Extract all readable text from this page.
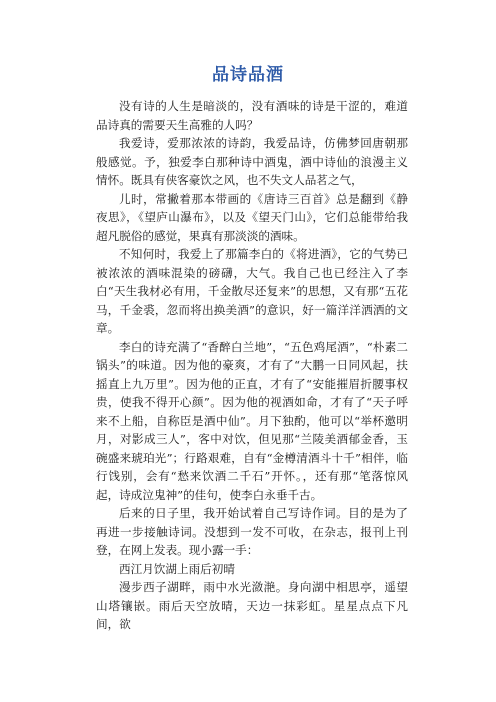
品诗品酒

没有诗的人生是暗淡的，没有酒味的诗是干涩的，难道品诗真的需要天生高雅的人吗？

我爱诗，爱那浓浓的诗韵，我爱品诗，仿佛梦回唐朝那般感觉。予，独爱李白那种诗中酒鬼，酒中诗仙的浪漫主义情怀。既具有侠客豪饮之风，也不失文人品茗之气，

儿时，常撇着那本带画的《唐诗三百首》总是翻到《静夜思》，《望庐山瀑布》，以及《望天门山》，它们总能带给我超凡脱俗的感觉，果真有那淡淡的酒味。

不知何时，我爱上了那篇李白的《将进酒》，它的气势已被浓浓的酒味混染的磅礴，大气。我自己也已经注入了李白“天生我材必有用，千金散尽还复来”的思想，又有那“五花马，千金裘，忽而将出换美酒”的意识，好一篇洋洋洒洒的文章。

李白的诗充满了“香醉白兰地”，“五色鸡尾酒”，“朴素二锅头”的味道。因为他的豪爽，才有了“大鹏一日同风起，扶摇直上九万里”。因为他的正直，才有了“安能摧眉折腰事权贵，使我不得开心颜”。因为他的视酒如命，才有了“天子呼来不上船，自称臣是酒中仙”。月下独酌，他可以“举杯邀明月，对影成三人”，客中对饮，但见那“兰陵美酒郁金香，玉碗盛来琥珀光”；行路艰难，自有“金樽清酒斗十千”相伴，临行饯别，会有“愁来饮酒二千石”开怀。，还有那“笔落惊风起，诗成泣鬼神”的佳句，使李白永垂千古。

后来的日子里，我开始试着自己写诗作词。目的是为了再进一步接触诗词。没想到一发不可收，在杂志，报刊上刊登，在网上发表。现小露一手：

西江月饮湖上雨后初晴

漫步西子湖畔，雨中水光潋滟。身向湖中相思亭，遥望山塔镶嵌。雨后天空放晴，天边一抹彩虹。星星点点下凡间，欲
